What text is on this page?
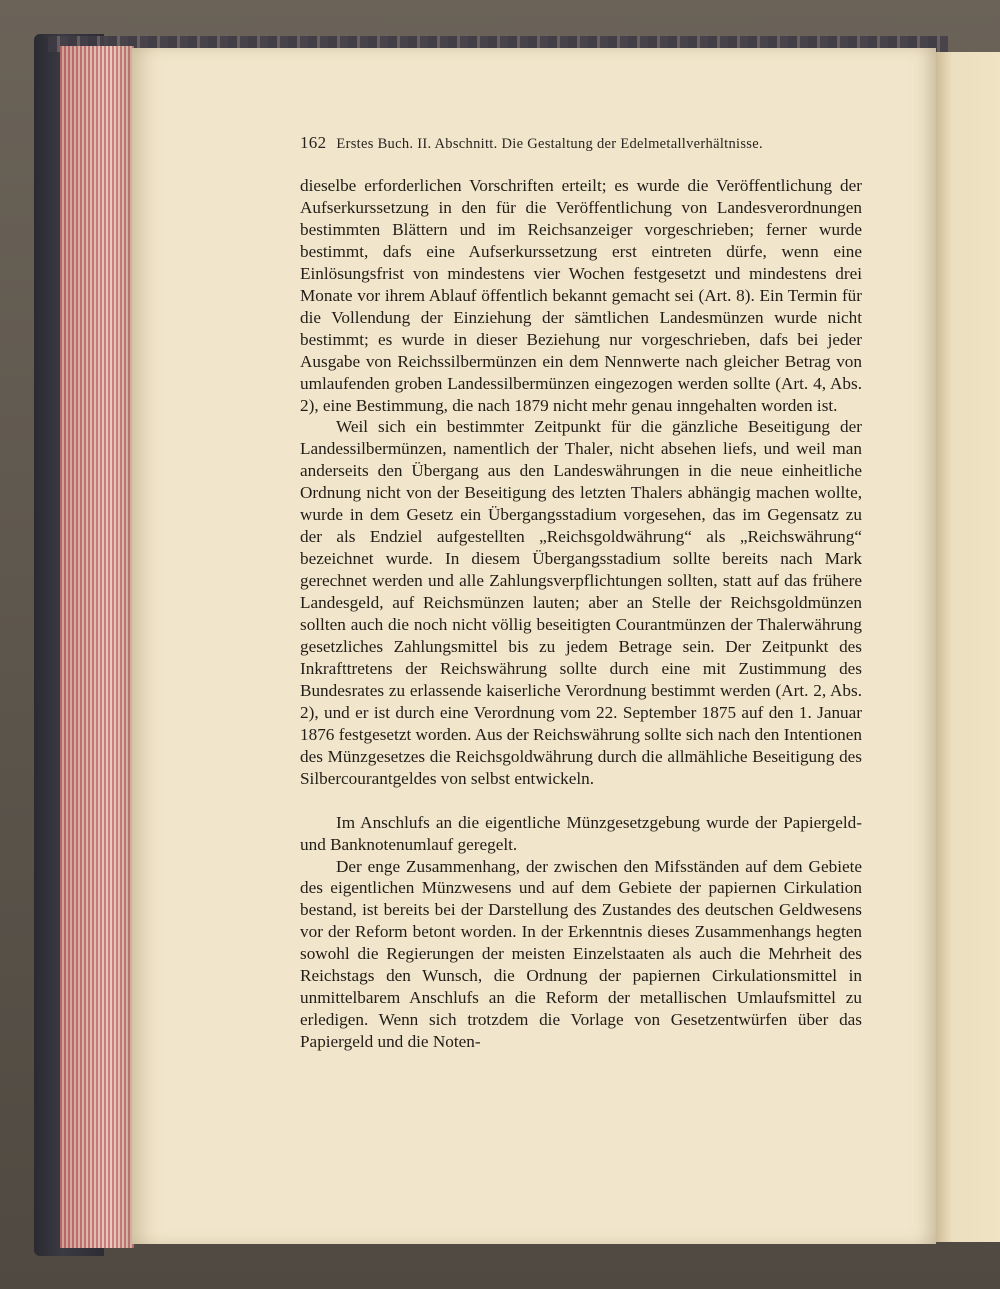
162 Erstes Buch. II. Abschnitt. Die Gestaltung der Edelmetallverhältnisse.

dieselbe erforderlichen Vorschriften erteilt; es wurde die Veröffentlichung der Aufserkurssetzung in den für die Veröffentlichung von Landesverordnungen bestimmten Blättern und im Reichsanzeiger vorgeschrieben; ferner wurde bestimmt, dafs eine Aufserkurssetzung erst eintreten dürfe, wenn eine Einlösungsfrist von mindestens vier Wochen festgesetzt und mindestens drei Monate vor ihrem Ablauf öffentlich bekannt gemacht sei (Art. 8). Ein Termin für die Vollendung der Einziehung der sämtlichen Landesmünzen wurde nicht bestimmt; es wurde in dieser Beziehung nur vorgeschrieben, dafs bei jeder Ausgabe von Reichssilbermünzen ein dem Nennwerte nach gleicher Betrag von umlaufenden groben Landessilbermünzen eingezogen werden sollte (Art. 4, Abs. 2), eine Bestimmung, die nach 1879 nicht mehr genau inngehalten worden ist.

Weil sich ein bestimmter Zeitpunkt für die gänzliche Beseitigung der Landessilbermünzen, namentlich der Thaler, nicht absehen liefs, und weil man anderseits den Übergang aus den Landeswährungen in die neue einheitliche Ordnung nicht von der Beseitigung des letzten Thalers abhängig machen wollte, wurde in dem Gesetz ein Übergangsstadium vorgesehen, das im Gegensatz zu der als Endziel aufgestellten „Reichsgoldwährung“ als „Reichswährung“ bezeichnet wurde. In diesem Übergangsstadium sollte bereits nach Mark gerechnet werden und alle Zahlungsverpflichtungen sollten, statt auf das frühere Landesgeld, auf Reichsmünzen lauten; aber an Stelle der Reichsgoldmünzen sollten auch die noch nicht völlig beseitigten Courantmünzen der Thalerwährung gesetzliches Zahlungsmittel bis zu jedem Betrage sein. Der Zeitpunkt des Inkrafttretens der Reichswährung sollte durch eine mit Zustimmung des Bundesrates zu erlassende kaiserliche Verordnung bestimmt werden (Art. 2, Abs. 2), und er ist durch eine Verordnung vom 22. September 1875 auf den 1. Januar 1876 festgesetzt worden. Aus der Reichswährung sollte sich nach den Intentionen des Münzgesetzes die Reichsgoldwährung durch die allmähliche Beseitigung des Silbercourantgeldes von selbst entwickeln.

Im Anschlufs an die eigentliche Münzgesetzgebung wurde der Papiergeld- und Banknotenumlauf geregelt.

Der enge Zusammenhang, der zwischen den Mifsständen auf dem Gebiete des eigentlichen Münzwesens und auf dem Gebiete der papiernen Cirkulation bestand, ist bereits bei der Darstellung des Zustandes des deutschen Geldwesens vor der Reform betont worden. In der Erkenntnis dieses Zusammenhangs hegten sowohl die Regierungen der meisten Einzelstaaten als auch die Mehrheit des Reichstags den Wunsch, die Ordnung der papiernen Cirkulationsmittel in unmittelbarem Anschlufs an die Reform der metallischen Umlaufsmittel zu erledigen. Wenn sich trotzdem die Vorlage von Gesetzentwürfen über das Papiergeld und die Noten-
